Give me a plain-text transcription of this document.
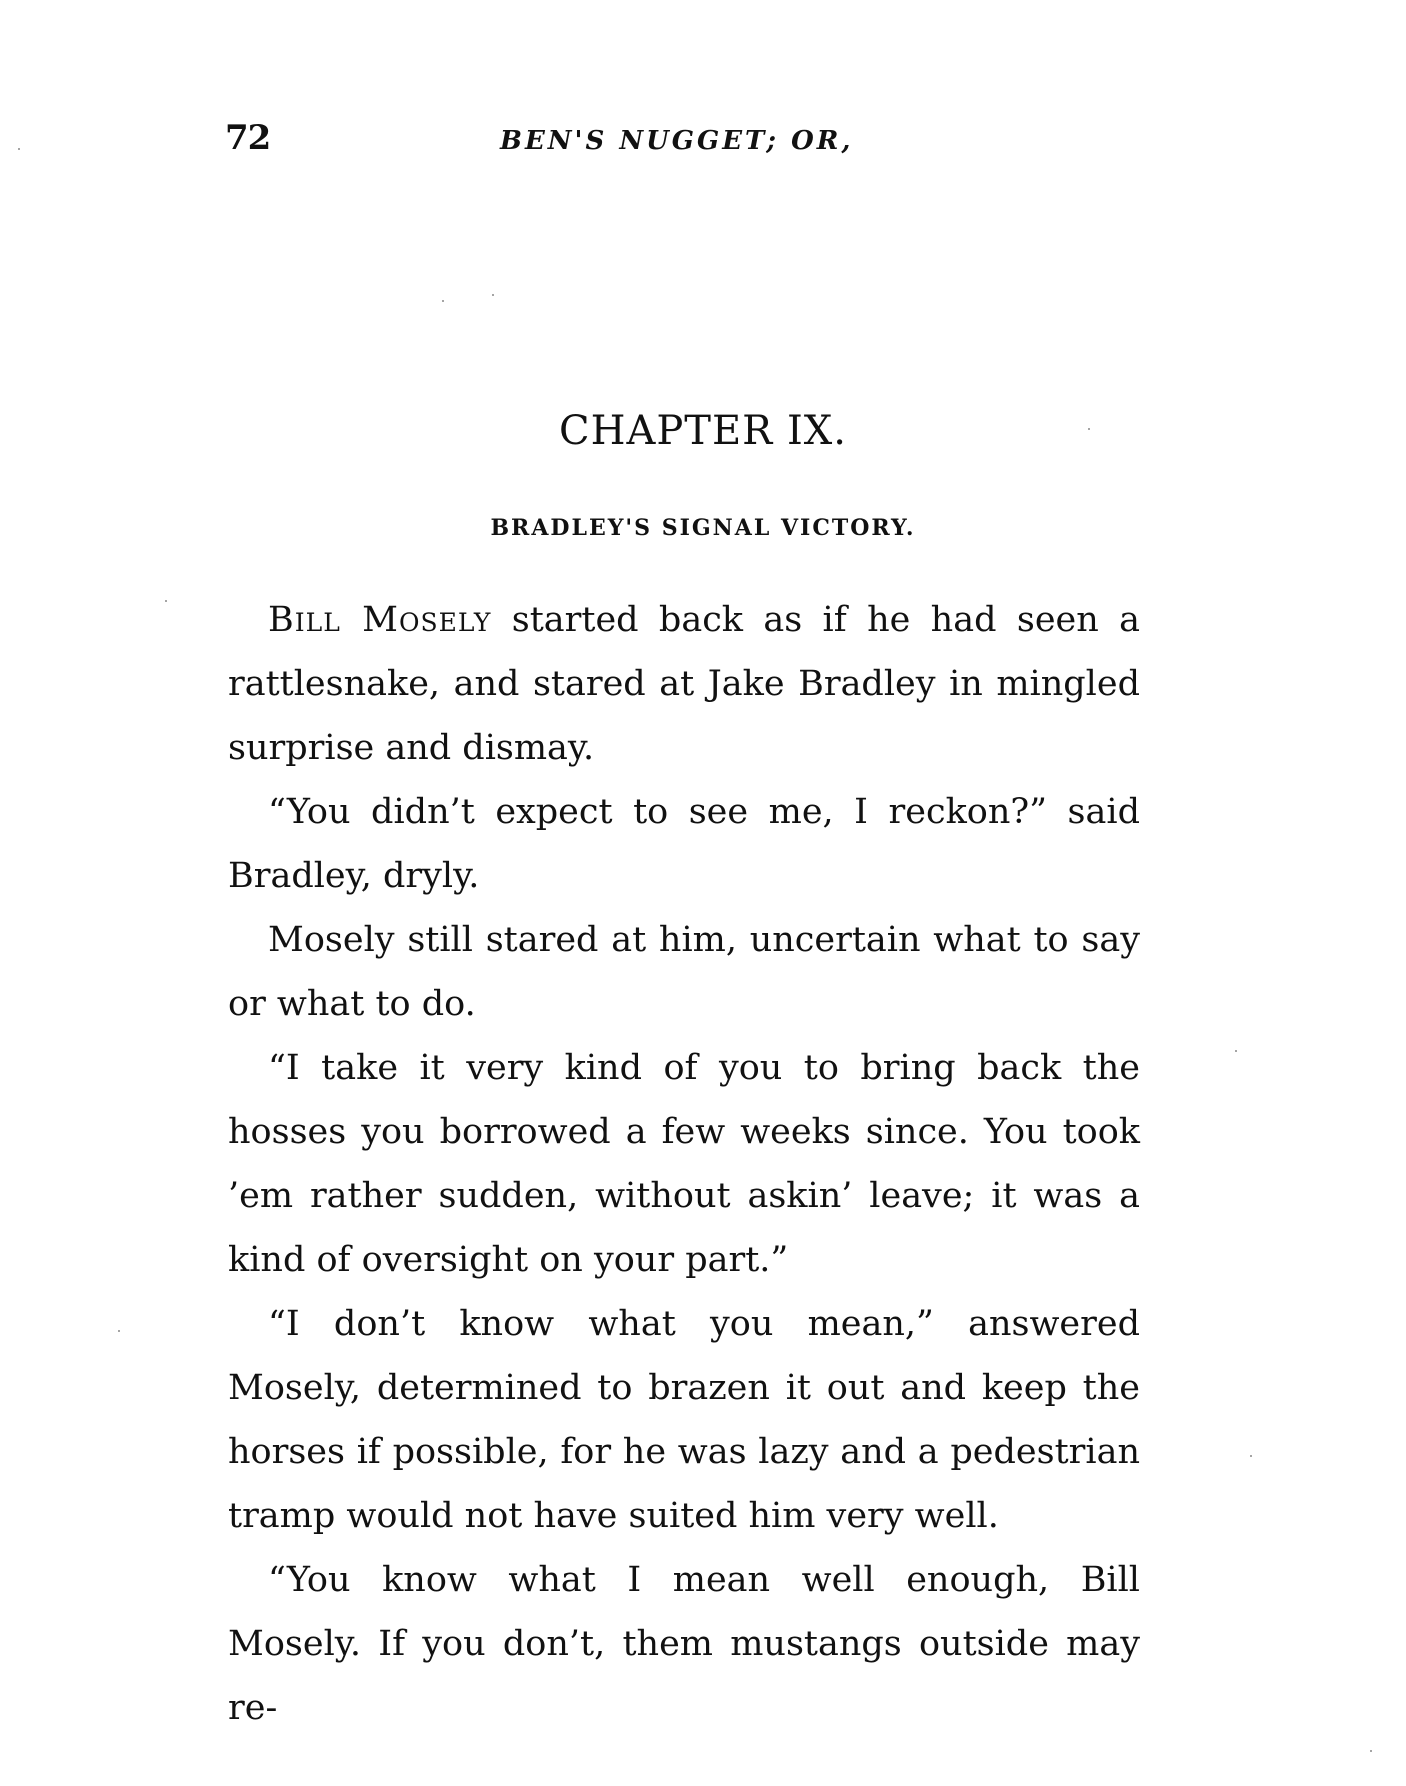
72	BEN'S NUGGET; OR,
CHAPTER IX.
BRADLEY'S SIGNAL VICTORY.

Bill Mosely started back as if he had seen a rattlesnake, and stared at Jake Bradley in mingled surprise and dismay.

“You didn’t expect to see me, I reckon?” said Bradley, dryly.

Mosely still stared at him, uncertain what to say or what to do.

“I take it very kind of you to bring back the hosses you borrowed a few weeks since. You took ’em rather sudden, without askin’ leave; it was a kind of oversight on your part.”

“I don’t know what you mean,” answered Mosely, determined to brazen it out and keep the horses if possible, for he was lazy and a pedestrian tramp would not have suited him very well.

“You know what I mean well enough, Bill Mosely. If you don’t, them mustangs outside may re-
